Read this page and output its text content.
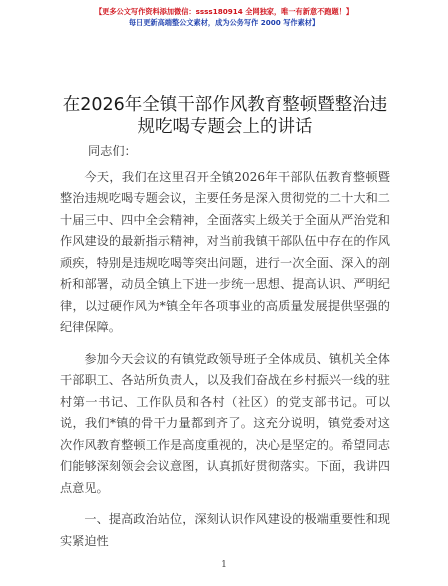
【更多公文写作资料添加微信：ssss180914 全网独家，唯一有新意不跑题！】
每日更新高端整公文素材，成为公务写作 2000 写作素材】
在2026年全镇干部作风教育整顿暨整治违规吃喝专题会上的讲话

同志们：

今天，我们在这里召开全镇2026年干部队伍教育整顿暨整治违规吃喝专题会议，主要任务是深入贯彻党的二十大和二十届三中、四中全会精神，全面落实上级关于全面从严治党和作风建设的最新指示精神，对当前我镇干部队伍中存在的作风顽疾，特别是违规吃喝等突出问题，进行一次全面、深入的剖析和部署，动员全镇上下进一步统一思想、提高认识、严明纪律，以过硬作风为*镇全年各项事业的高质量发展提供坚强的纪律保障。

参加今天会议的有镇党政领导班子全体成员、镇机关全体干部职工、各站所负责人，以及我们奋战在乡村振兴一线的驻村第一书记、工作队员和各村（社区）的党支部书记。可以说，我们*镇的骨干力量都到齐了。这充分说明，镇党委对这次作风教育整顿工作是高度重视的，决心是坚定的。希望同志们能够深刻领会会议意图，认真抓好贯彻落实。下面，我讲四点意见。

一、提高政治站位，深刻认识作风建设的极端重要性和现实紧迫性

1
